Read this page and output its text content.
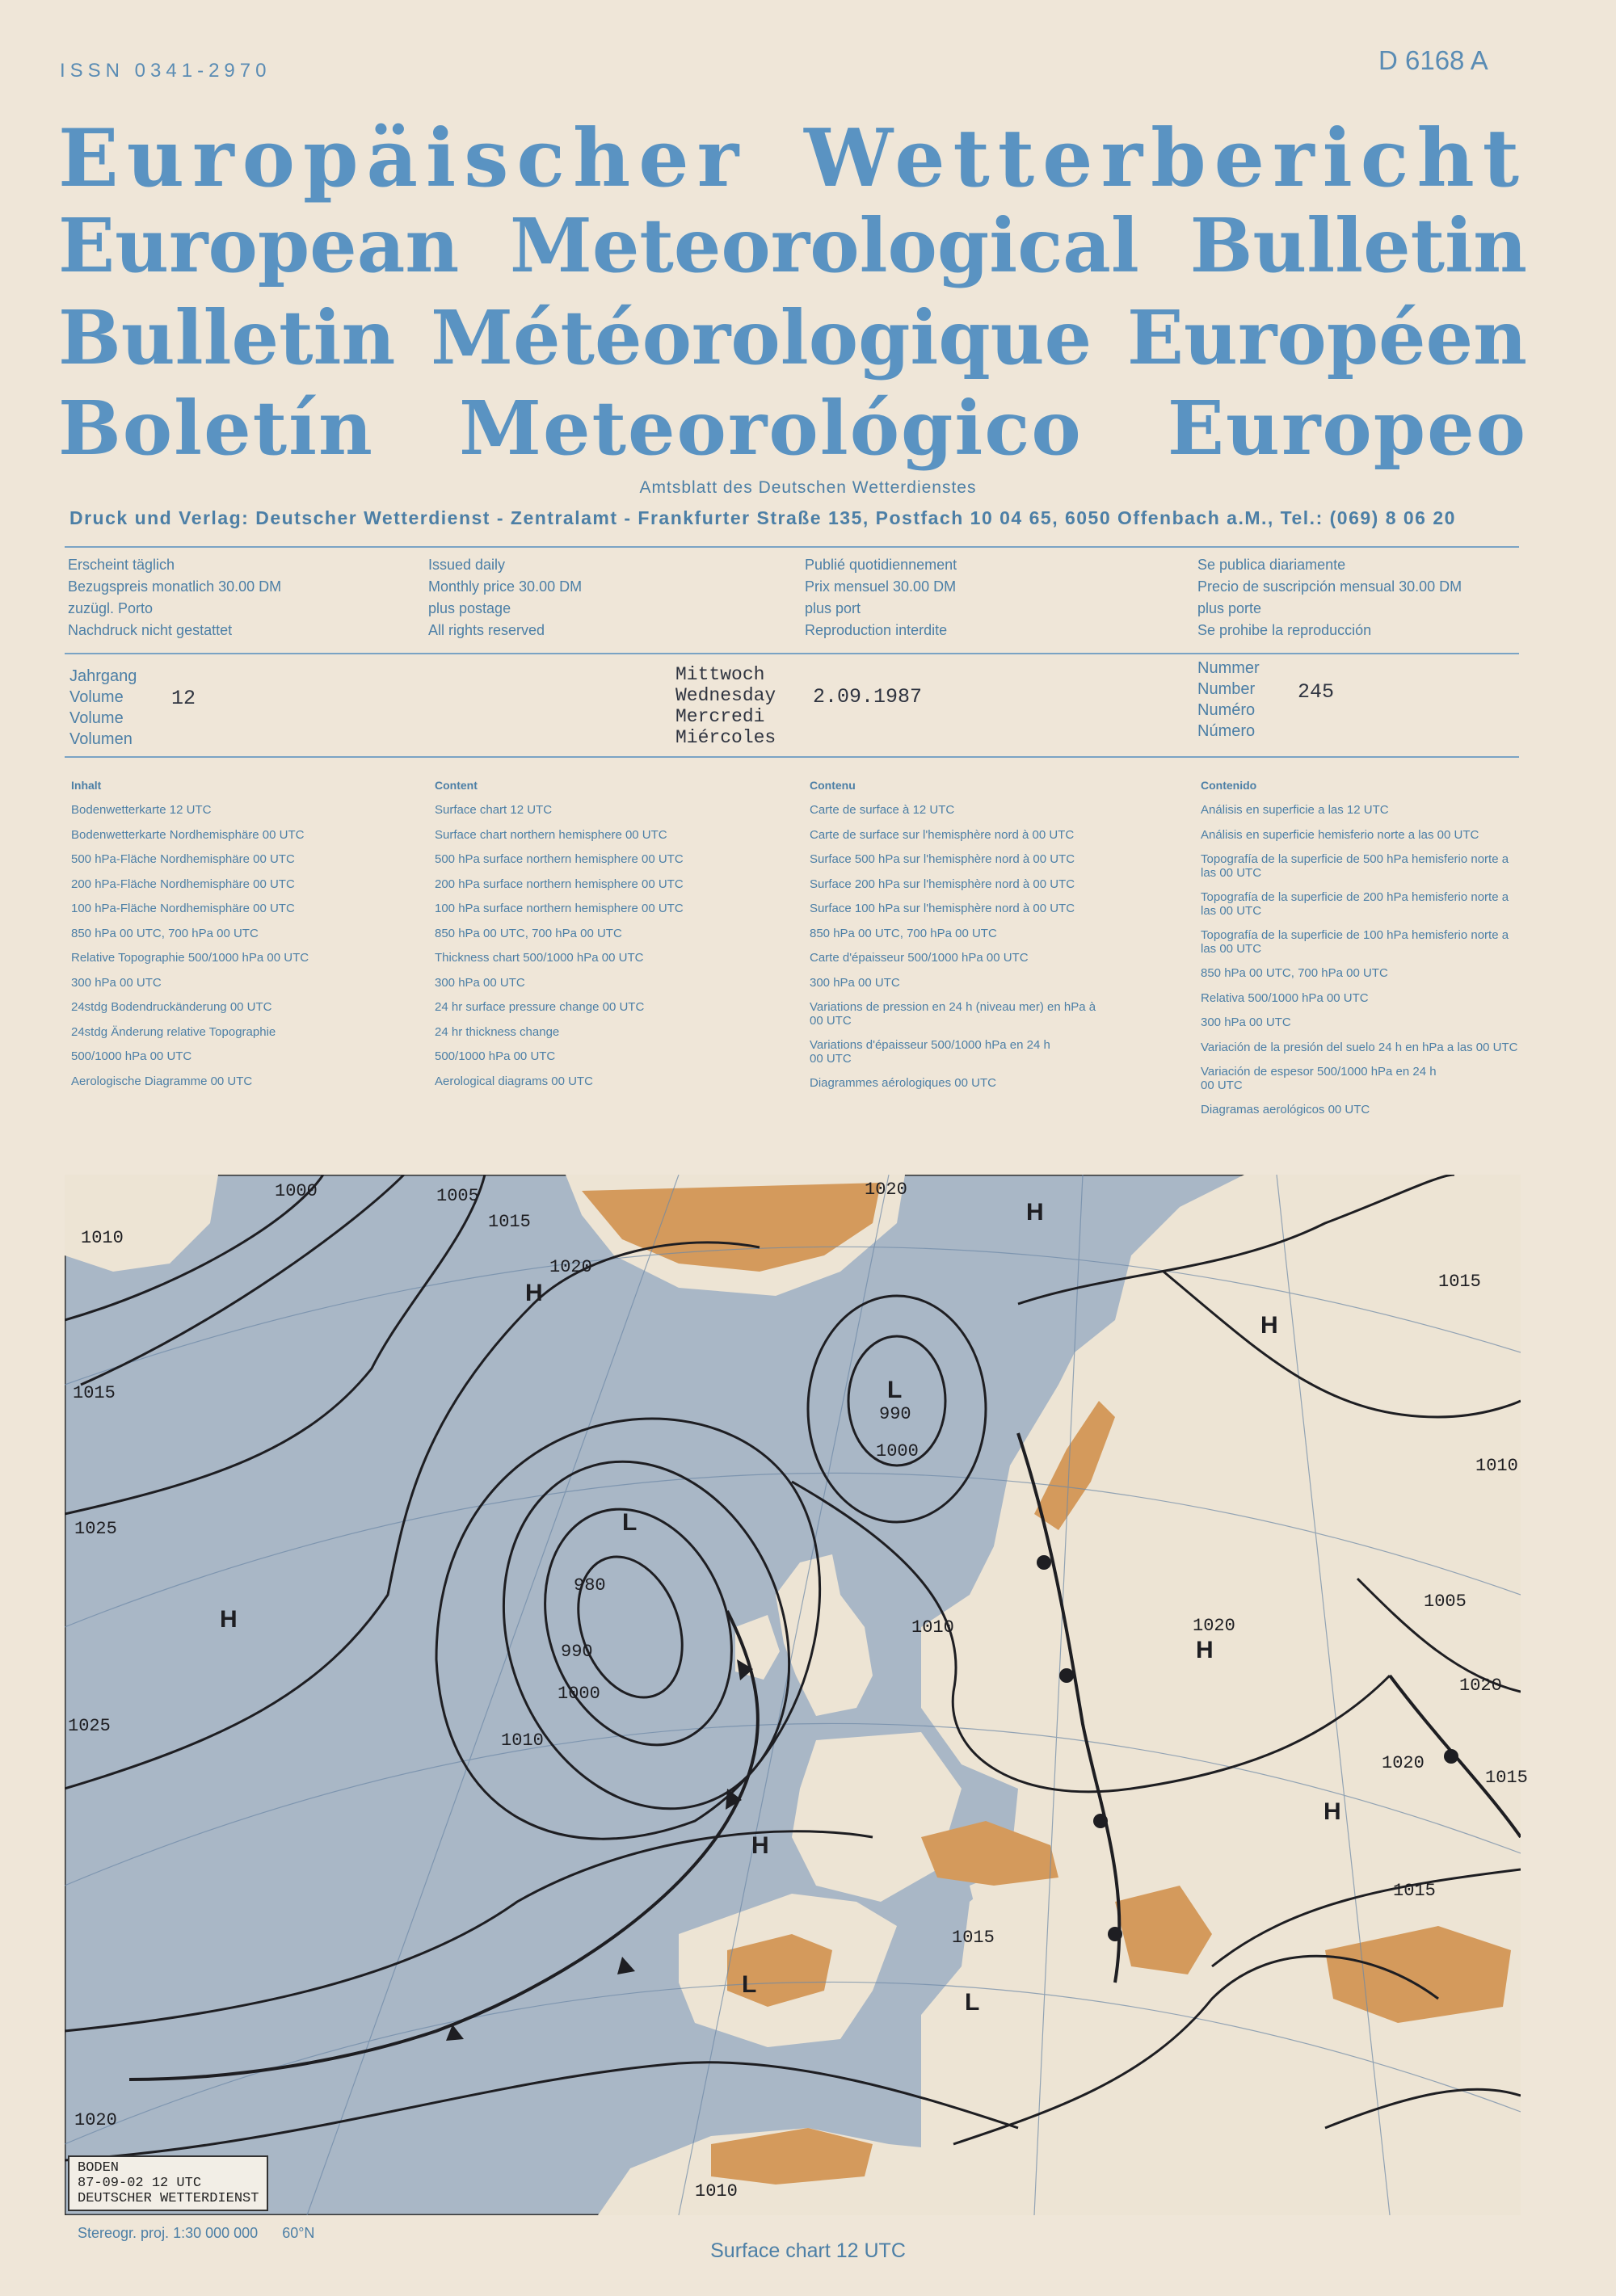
ISSN 0341-2970	D 6168 A
Europäischer Wetterbericht
European Meteorological Bulletin
Bulletin Météorologique Européen
Boletín Meteorológico Europeo
Amtsblatt des Deutschen Wetterdienstes
Druck und Verlag: Deutscher Wetterdienst - Zentralamt - Frankfurter Straße 135, Postfach 10 04 65, 6050 Offenbach a.M., Tel.: (069) 8 06 20
Erscheint täglich
Bezugspreis monatlich 30.00 DM
zuzügl. Porto
Nachdruck nicht gestattet
Issued daily
Monthly price 30.00 DM
plus postage
All rights reserved
Publié quotidiennement
Prix mensuel 30.00 DM
plus port
Reproduction interdite
Se publica diariamente
Precio de suscripción mensual 30.00 DM
plus porte
Se prohibe la reproducción
Jahrgang
Volume
Volume
Volumen
12
Mittwoch
Wednesday
Mercredi
Miércoles
2.09.1987
Nummer
Number
Numéro
Número
245
Inhalt
Bodenwetterkarte 12 UTC
Bodenwetterkarte Nordhemisphäre 00 UTC
500 hPa-Fläche Nordhemisphäre 00 UTC
200 hPa-Fläche Nordhemisphäre 00 UTC
100 hPa-Fläche Nordhemisphäre 00 UTC
850 hPa 00 UTC, 700 hPa 00 UTC
Relative Topographie 500/1000 hPa 00 UTC
300 hPa 00 UTC
24stdg Bodendruckänderung 00 UTC
24stdg Änderung relative Topographie
500/1000 hPa 00 UTC
Aerologische Diagramme 00 UTC
Content
Surface chart 12 UTC
Surface chart northern hemisphere 00 UTC
500 hPa surface northern hemisphere 00 UTC
200 hPa surface northern hemisphere 00 UTC
100 hPa surface northern hemisphere 00 UTC
850 hPa 00 UTC, 700 hPa 00 UTC
Thickness chart 500/1000 hPa 00 UTC
300 hPa 00 UTC
24 hr surface pressure change 00 UTC
24 hr thickness change
500/1000 hPa 00 UTC
Aerological diagrams 00 UTC
Contenu
Carte de surface à 12 UTC
Carte de surface sur l'hemisphère nord à 00 UTC
Surface 500 hPa sur l'hemisphère nord à 00 UTC
Surface 200 hPa sur l'hemisphère nord à 00 UTC
Surface 100 hPa sur l'hemisphère nord à 00 UTC
850 hPa 00 UTC, 700 hPa 00 UTC
Carte d'épaisseur 500/1000 hPa 00 UTC
300 hPa 00 UTC
Variations de pression en 24 h (niveau mer) en hPa à 00 UTC
Variations d'épaisseur 500/1000 hPa en 24 h 00 UTC
Diagrammes aérologiques 00 UTC
Contenido
Análisis en superficie a las 12 UTC
Análisis en superficie hemisferio norte a las 00 UTC
Topografía de la superficie de 500 hPa hemisferio norte a las 00 UTC
Topografía de la superficie de 200 hPa hemisferio norte a las 00 UTC
Topografía de la superficie de 100 hPa hemisferio norte a las 00 UTC
850 hPa 00 UTC, 700 hPa 00 UTC
Relativa 500/1000 hPa 00 UTC
300 hPa 00 UTC
Variación de la presión del suelo 24 h en hPa a las 00 UTC
Variación de espesor 500/1000 hPa en 24 h 00 UTC
Diagramas aerológicos 00 UTC
BODEN
87-09-02 12 UTC
DEUTSCHER WETTERDIENST
Stereogr. proj. 1:30 000 000 60°N
Surface chart 12 UTC
1000	1005
1010
1015
1020
1025
980
990
1000
1010
1015
1020
990
1000
1005
1010
1015
1020
1015
1010
1015
1020
1020
1015
1010
1025
1020
L
L
L
L
H
H
H
H
H
H
H
